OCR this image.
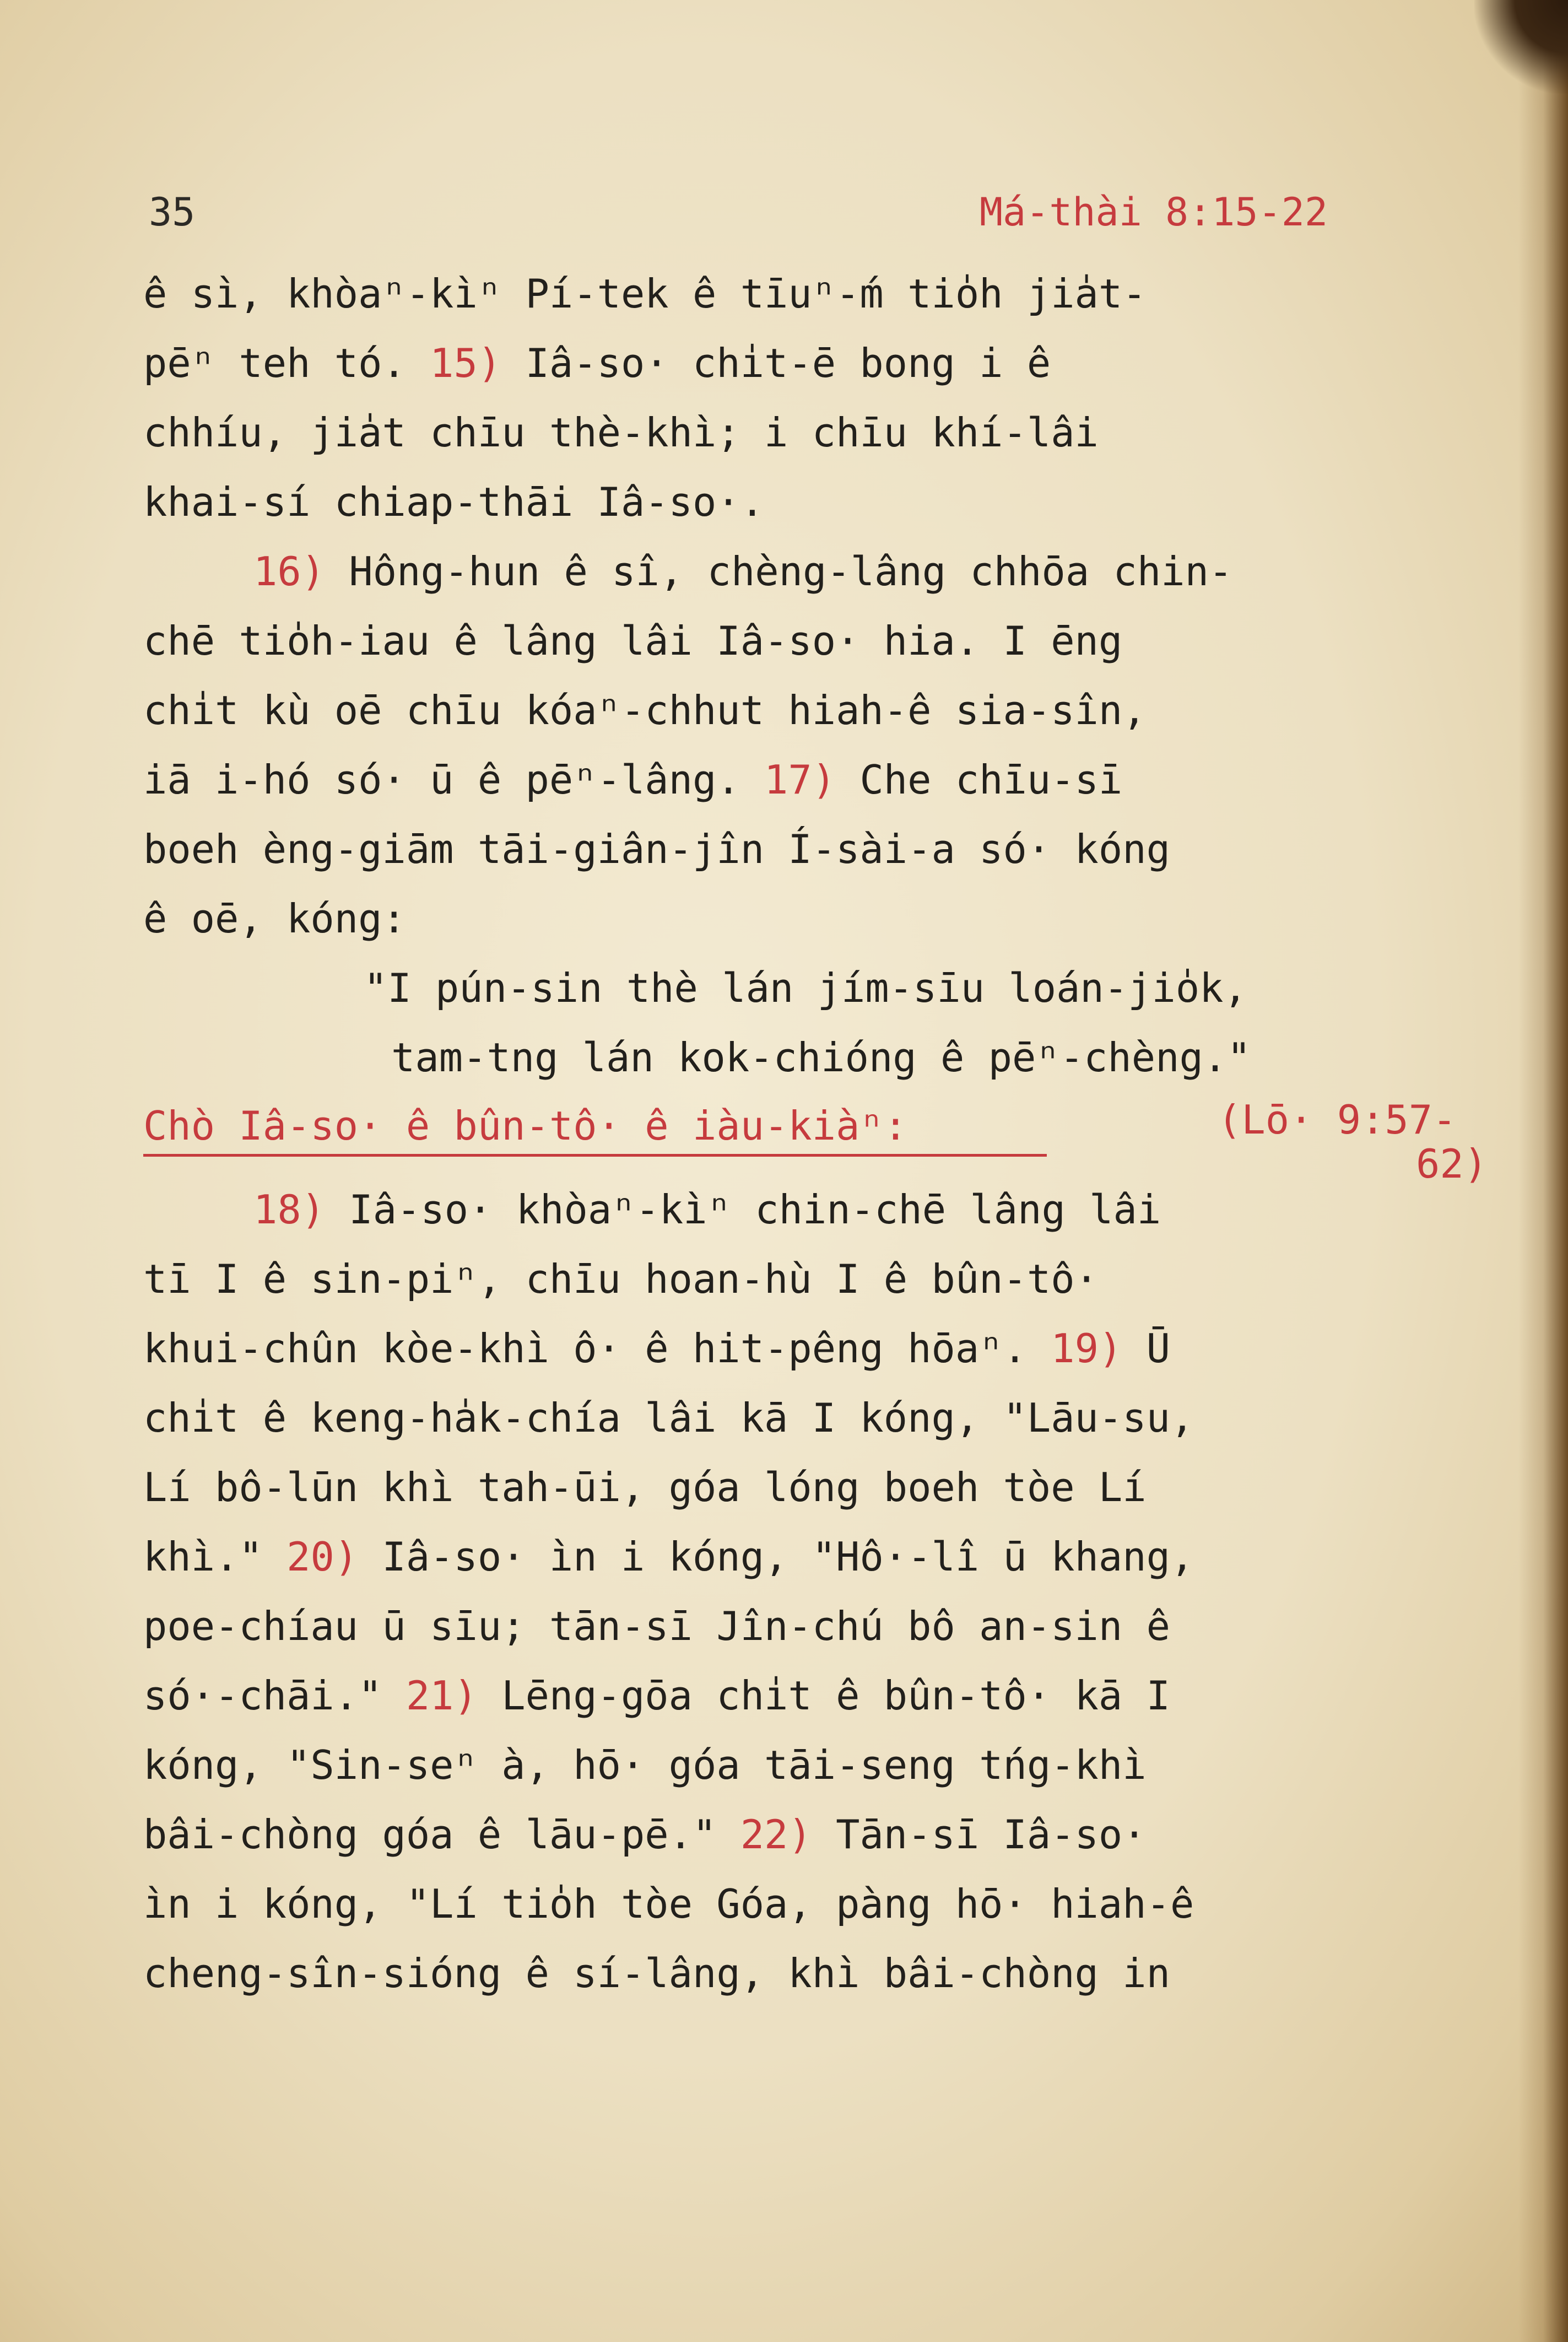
35	Má-thài 8:15-22
ê sì, khòaⁿ-kìⁿ Pí-tek ê tīuⁿ-ḿ tio̍h jia̍t-
pēⁿ teh tó. 15) Iâ-so· chi̍t-ē bong i ê
chhíu, jia̍t chīu thè-khì; i chīu khí-lâi
khai-sí chiap-thāi Iâ-so·.
16) Hông-hun ê sî, chèng-lâng chhōa chin-
chē tio̍h-iau ê lâng lâi Iâ-so· hia. I ēng
chi̍t kù oē chīu kóaⁿ-chhut hiah-ê sia-sîn,
iā i-hó só· ū ê pēⁿ-lâng. 17) Che chīu-sī
boeh èng-giām tāi-giân-jîn Í-sài-a só· kóng
ê oē, kóng:
"I pún-sin thè lán jím-sīu loán-jio̍k,
tam-tng lán kok-chióng ê pēⁿ-chèng."
Chò Iâ-so· ê bûn-tô· ê iàu-kiàⁿ:	(Lō· 9:57-
62)
18) Iâ-so· khòaⁿ-kìⁿ chin-chē lâng lâi
tī I ê sin-piⁿ, chīu hoan-hù I ê bûn-tô·
khui-chûn kòe-khì ô· ê hit-pêng hōaⁿ. 19) Ū
chi̍t ê keng-ha̍k-chía lâi kā I kóng, "Lāu-su,
Lí bô-lūn khì tah-ūi, góa lóng boeh tòe Lí
khì." 20) Iâ-so· ìn i kóng, "Hô·-lî ū khang,
poe-chíau ū sīu; tān-sī Jîn-chú bô an-sin ê
só·-chāi." 21) Lēng-gōa chi̍t ê bûn-tô· kā I
kóng, "Sin-seⁿ à, hō· góa tāi-seng tńg-khì
bâi-chòng góa ê lāu-pē." 22) Tān-sī Iâ-so·
ìn i kóng, "Lí tio̍h tòe Góa, pàng hō· hiah-ê
cheng-sîn-sióng ê sí-lâng, khì bâi-chòng in
